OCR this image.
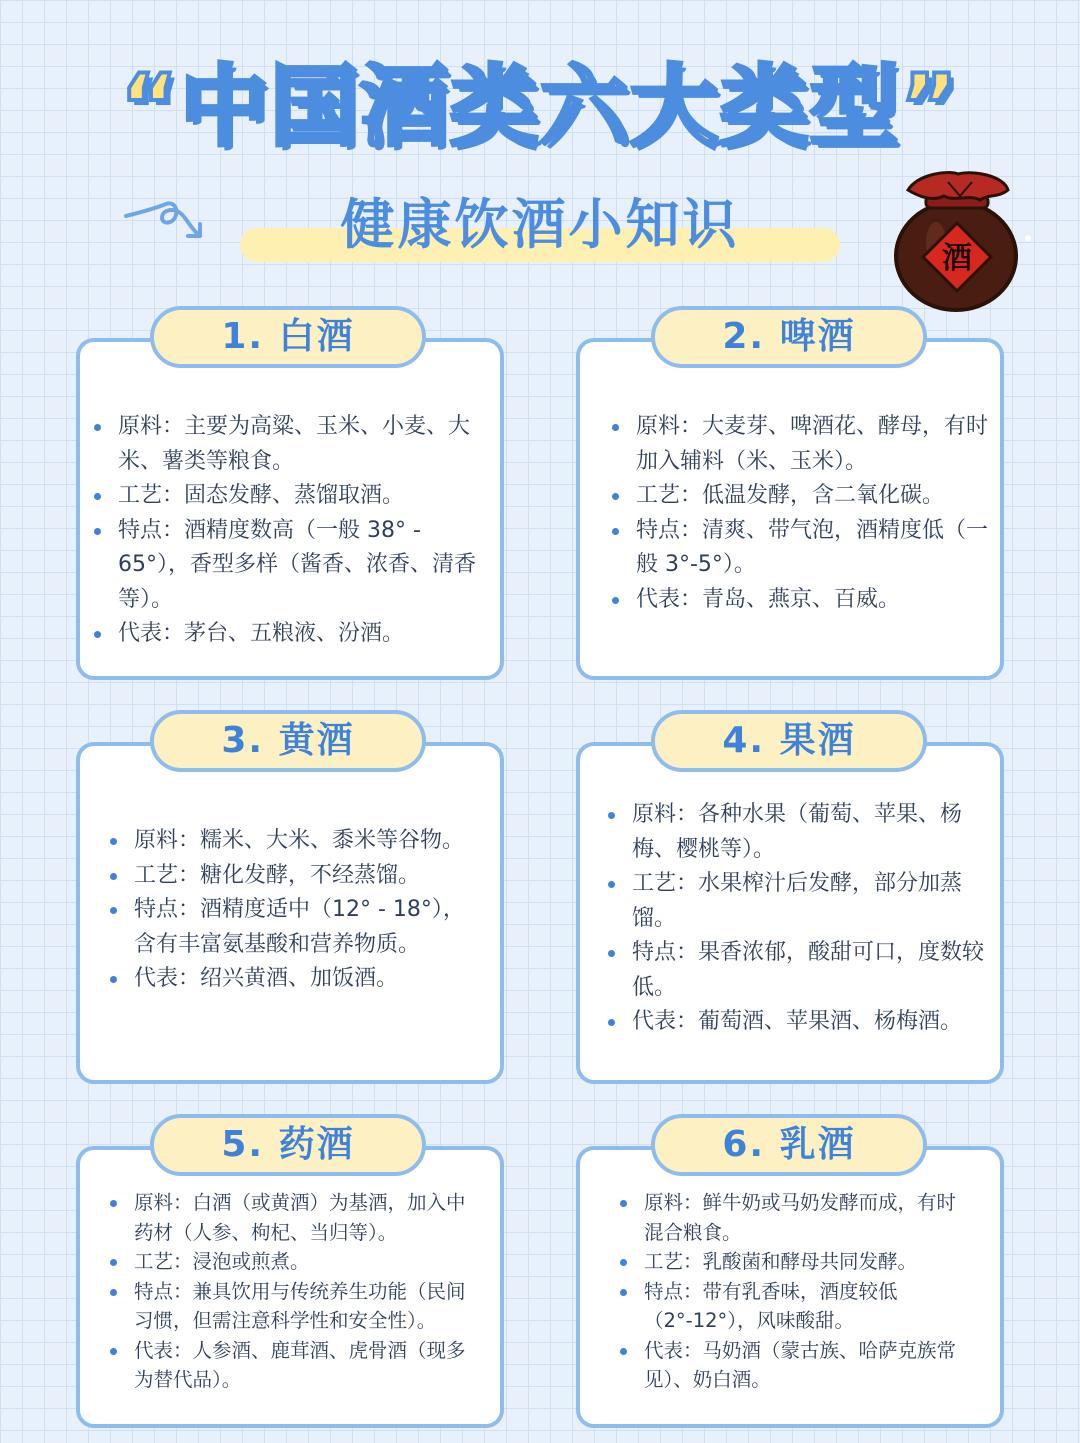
“中国酒类六大类型”
健康饮酒小知识
酒
原料：主要为高粱、玉米、小麦、大米、薯类等粮食。
工艺：固态发酵、蒸馏取酒。
特点：酒精度数高（一般 38° - 65°），香型多样（酱香、浓香、清香等）。
代表：茅台、五粮液、汾酒。
1. 白酒
原料：大麦芽、啤酒花、酵母，有时加入辅料（米、玉米）。
工艺：低温发酵，含二氧化碳。
特点：清爽、带气泡，酒精度低（一般 3°-5°）。
代表：青岛、燕京、百威。
2. 啤酒
原料：糯米、大米、黍米等谷物。
工艺：糖化发酵，不经蒸馏。
特点：酒精度适中（12° - 18°），含有丰富氨基酸和营养物质。
代表：绍兴黄酒、加饭酒。
3. 黄酒
原料：各种水果（葡萄、苹果、杨梅、樱桃等）。
工艺：水果榨汁后发酵，部分加蒸馏。
特点：果香浓郁，酸甜可口，度数较低。
代表：葡萄酒、苹果酒、杨梅酒。
4. 果酒
原料：白酒（或黄酒）为基酒，加入中药材（人参、枸杞、当归等）。
工艺：浸泡或煎煮。
特点：兼具饮用与传统养生功能（民间习惯，但需注意科学性和安全性）。
代表：人参酒、鹿茸酒、虎骨酒（现多为替代品）。
5. 药酒
原料：鲜牛奶或马奶发酵而成，有时混合粮食。
工艺：乳酸菌和酵母共同发酵。
特点：带有乳香味，酒度较低（2°-12°），风味酸甜。
代表：马奶酒（蒙古族、哈萨克族常见）、奶白酒。
6. 乳酒
